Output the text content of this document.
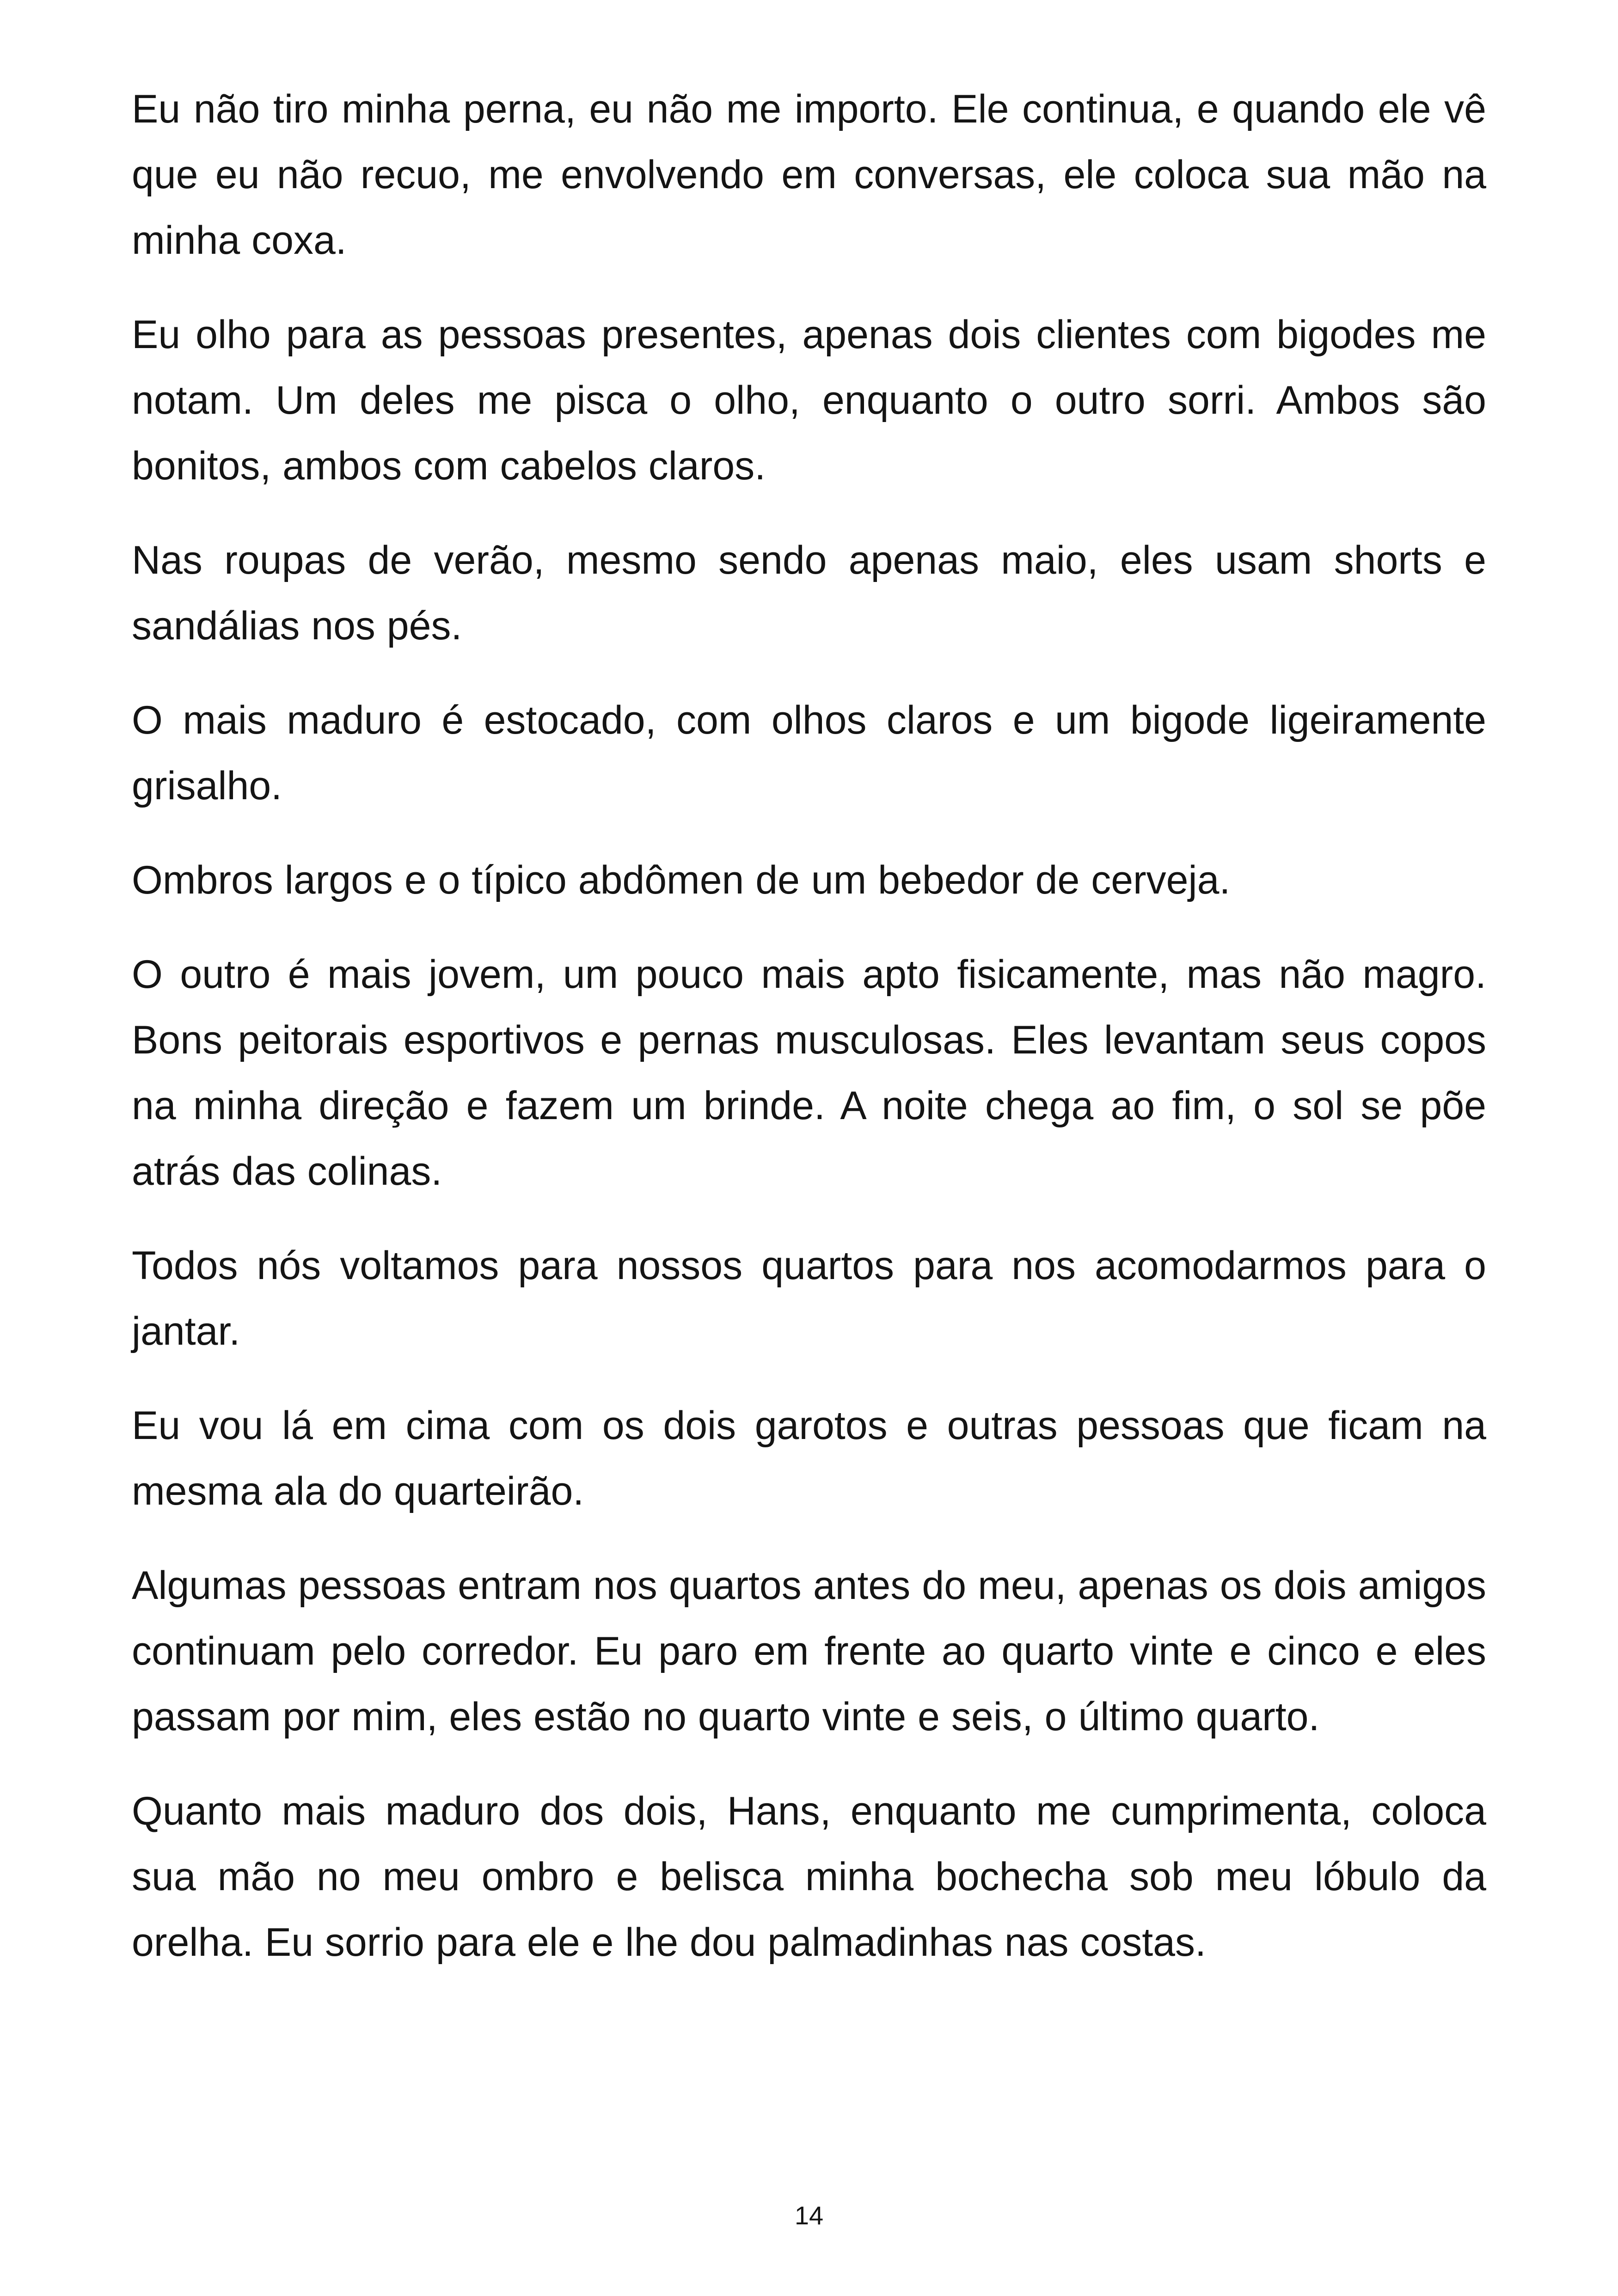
Eu não tiro minha perna, eu não me importo. Ele continua, e quando ele vê que eu não recuo, me envolvendo em conversas, ele coloca sua mão na minha coxa.

Eu olho para as pessoas presentes, apenas dois clientes com bigodes me notam. Um deles me pisca o olho, enquanto o outro sorri. Ambos são bonitos, ambos com cabelos claros.

Nas roupas de verão, mesmo sendo apenas maio, eles usam shorts e sandálias nos pés.

O mais maduro é estocado, com olhos claros e um bigode ligeiramente grisalho.

Ombros largos e o típico abdômen de um bebedor de cerveja.

O outro é mais jovem, um pouco mais apto fisicamente, mas não magro. Bons peitorais esportivos e pernas musculosas. Eles levantam seus copos na minha direção e fazem um brinde. A noite chega ao fim, o sol se põe atrás das colinas.

Todos nós voltamos para nossos quartos para nos acomodarmos para o jantar.

Eu vou lá em cima com os dois garotos e outras pessoas que ficam na mesma ala do quarteirão.

Algumas pessoas entram nos quartos antes do meu, apenas os dois amigos continuam pelo corredor. Eu paro em frente ao quarto vinte e cinco e eles passam por mim, eles estão no quarto vinte e seis, o último quarto.

Quanto mais maduro dos dois, Hans, enquanto me cumprimenta, coloca sua mão no meu ombro e belisca minha bochecha sob meu lóbulo da orelha. Eu sorrio para ele e lhe dou palmadinhas nas costas.

14
